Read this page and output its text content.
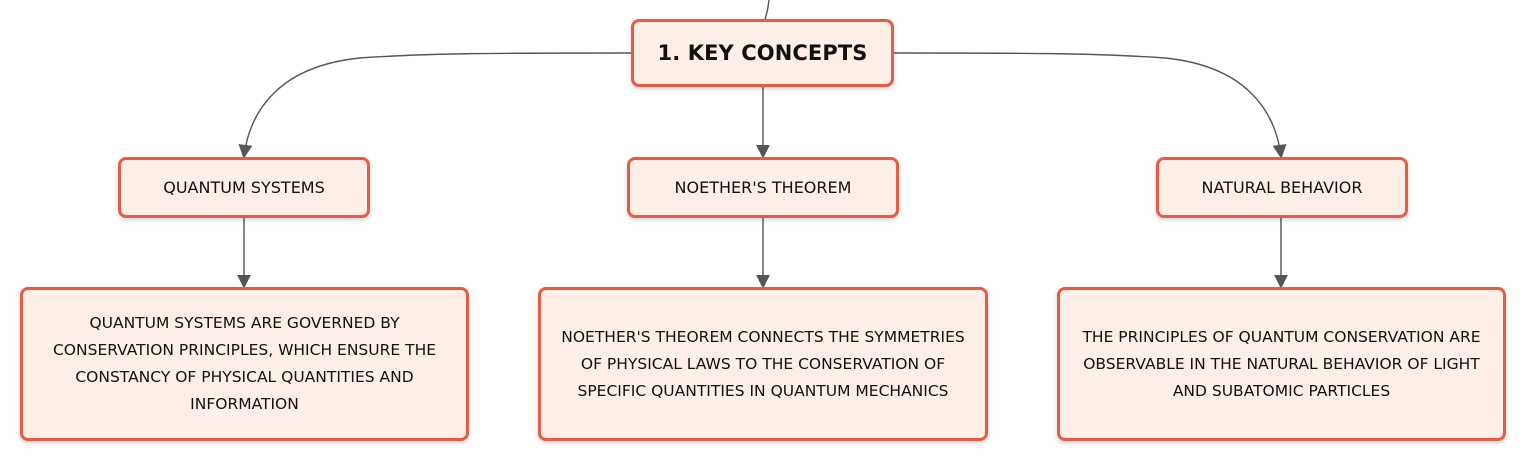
1. KEY CONCEPTS
QUANTUM SYSTEMS	NOETHER'S THEOREM	NATURAL BEHAVIOR
QUANTUM SYSTEMS ARE GOVERNED BY CONSERVATION PRINCIPLES, WHICH ENSURE THE CONSTANCY OF PHYSICAL QUANTITIES AND INFORMATION
NOETHER'S THEOREM CONNECTS THE SYMMETRIES OF PHYSICAL LAWS TO THE CONSERVATION OF SPECIFIC QUANTITIES IN QUANTUM MECHANICS
THE PRINCIPLES OF QUANTUM CONSERVATION ARE OBSERVABLE IN THE NATURAL BEHAVIOR OF LIGHT AND SUBATOMIC PARTICLES
